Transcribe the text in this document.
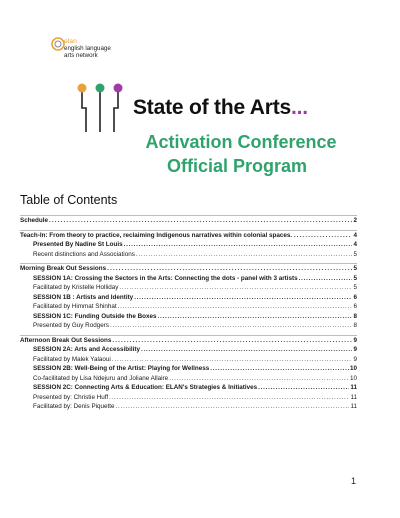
elan
english language
arts network
State of the Arts...
Activation Conference
Official Program
Table of Contents
Schedule . . .	2
Teach-In: From theory to practice, reclaiming Indigenous narratives within colonial spaces. . . . .	4
Presented By Nadine St Louis . . .	4
Recent distinctions and Associations . . .	5
Morning Break Out Sessions . . .	5
SESSION 1A: Crossing the Sectors in the Arts: Connecting the dots - panel with 3 artists . . .	5
Facilitated by Kristelle Holliday . . .	5
SESSION 1B : Artists and Identity . . .	6
Facilitated by Himmat Shinhat . . .	6
SESSION 1C: Funding Outside the Boxes . . .	8
Presented by Guy Rodgers . . .	8
Afternoon Break Out Sessions . . .	9
SESSION 2A: Arts and Accessibility . . .	9
Facilitated by Malek Yalaoui . . .	9
SESSION 2B: Well-Being of the Artist: Playing for Wellness . . .	10
Co-facilitated by Lisa Ndejuru and Joliane Allaire . . .	10
SESSION 2C: Connecting Arts & Education: ELAN's Strategies & Initiatives . . .	11
Presented by: Christie Huff . . .	11
Facilitated by: Denis Piquette . . .	11
1
